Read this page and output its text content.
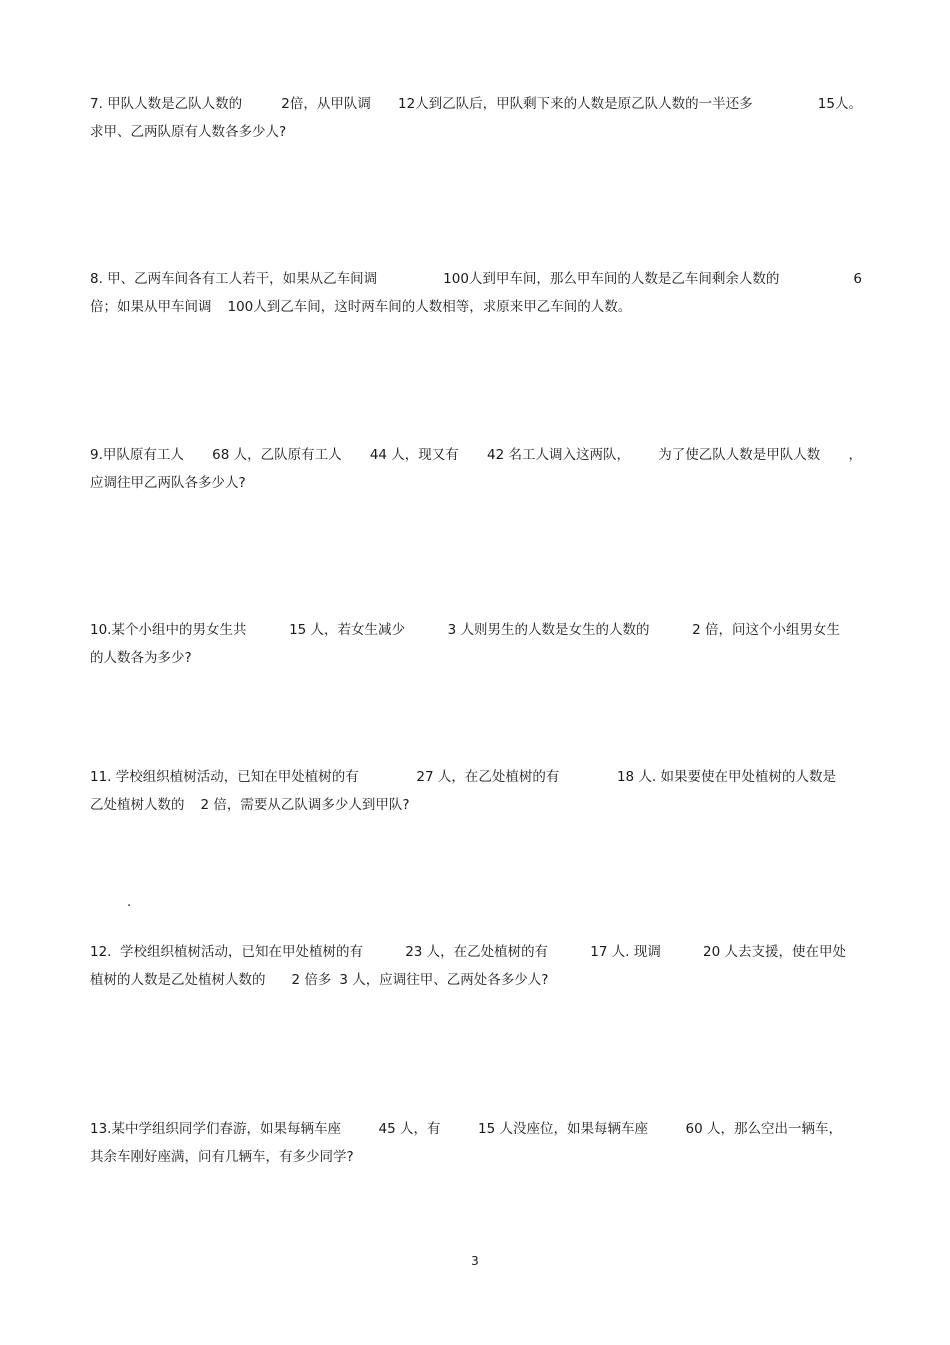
7. 甲队人数是乙队人数的	2倍，从甲队调 12人到乙队后，甲队剩下来的人数是原乙队人数的一半还多	15人。
求甲、乙两队原有人数各多少人?
8. 甲、乙两车间各有工人若干，如果从乙车间调	100人到甲车间，那么甲车间的人数是乙车间剩余人数的	6
倍；如果从甲车间调 100人到乙车间，这时两车间的人数相等，求原来甲乙车间的人数。
9.甲队原有工人 68 人，乙队原有工人 44 人，现又有 42 名工人调入这两队， 为了使乙队人数是甲队人数 ，
应调往甲乙两队各多少人?
10.某个小组中的男女生共	15 人，若女生减少	3 人则男生的人数是女生的人数的	2 倍，问这个小组男女生
的人数各为多少?
11. 学校组织植树活动，已知在甲处植树的有	27 人，在乙处植树的有	18 人. 如果要使在甲处植树的人数是
乙处植树人数的 2 倍，需要从乙队调多少人到甲队?
.
12.  学校组织植树活动，已知在甲处植树的有	23 人，在乙处植树的有	17 人. 现调	20 人去支援，使在甲处
植树的人数是乙处植树人数的 2 倍多 3 人，应调往甲、乙两处各多少人?
13.某中学组织同学们春游，如果每辆车座	45 人，有	15 人没座位，如果每辆车座	60 人，那么空出一辆车，
其余车刚好座满，问有几辆车，有多少同学?
3
